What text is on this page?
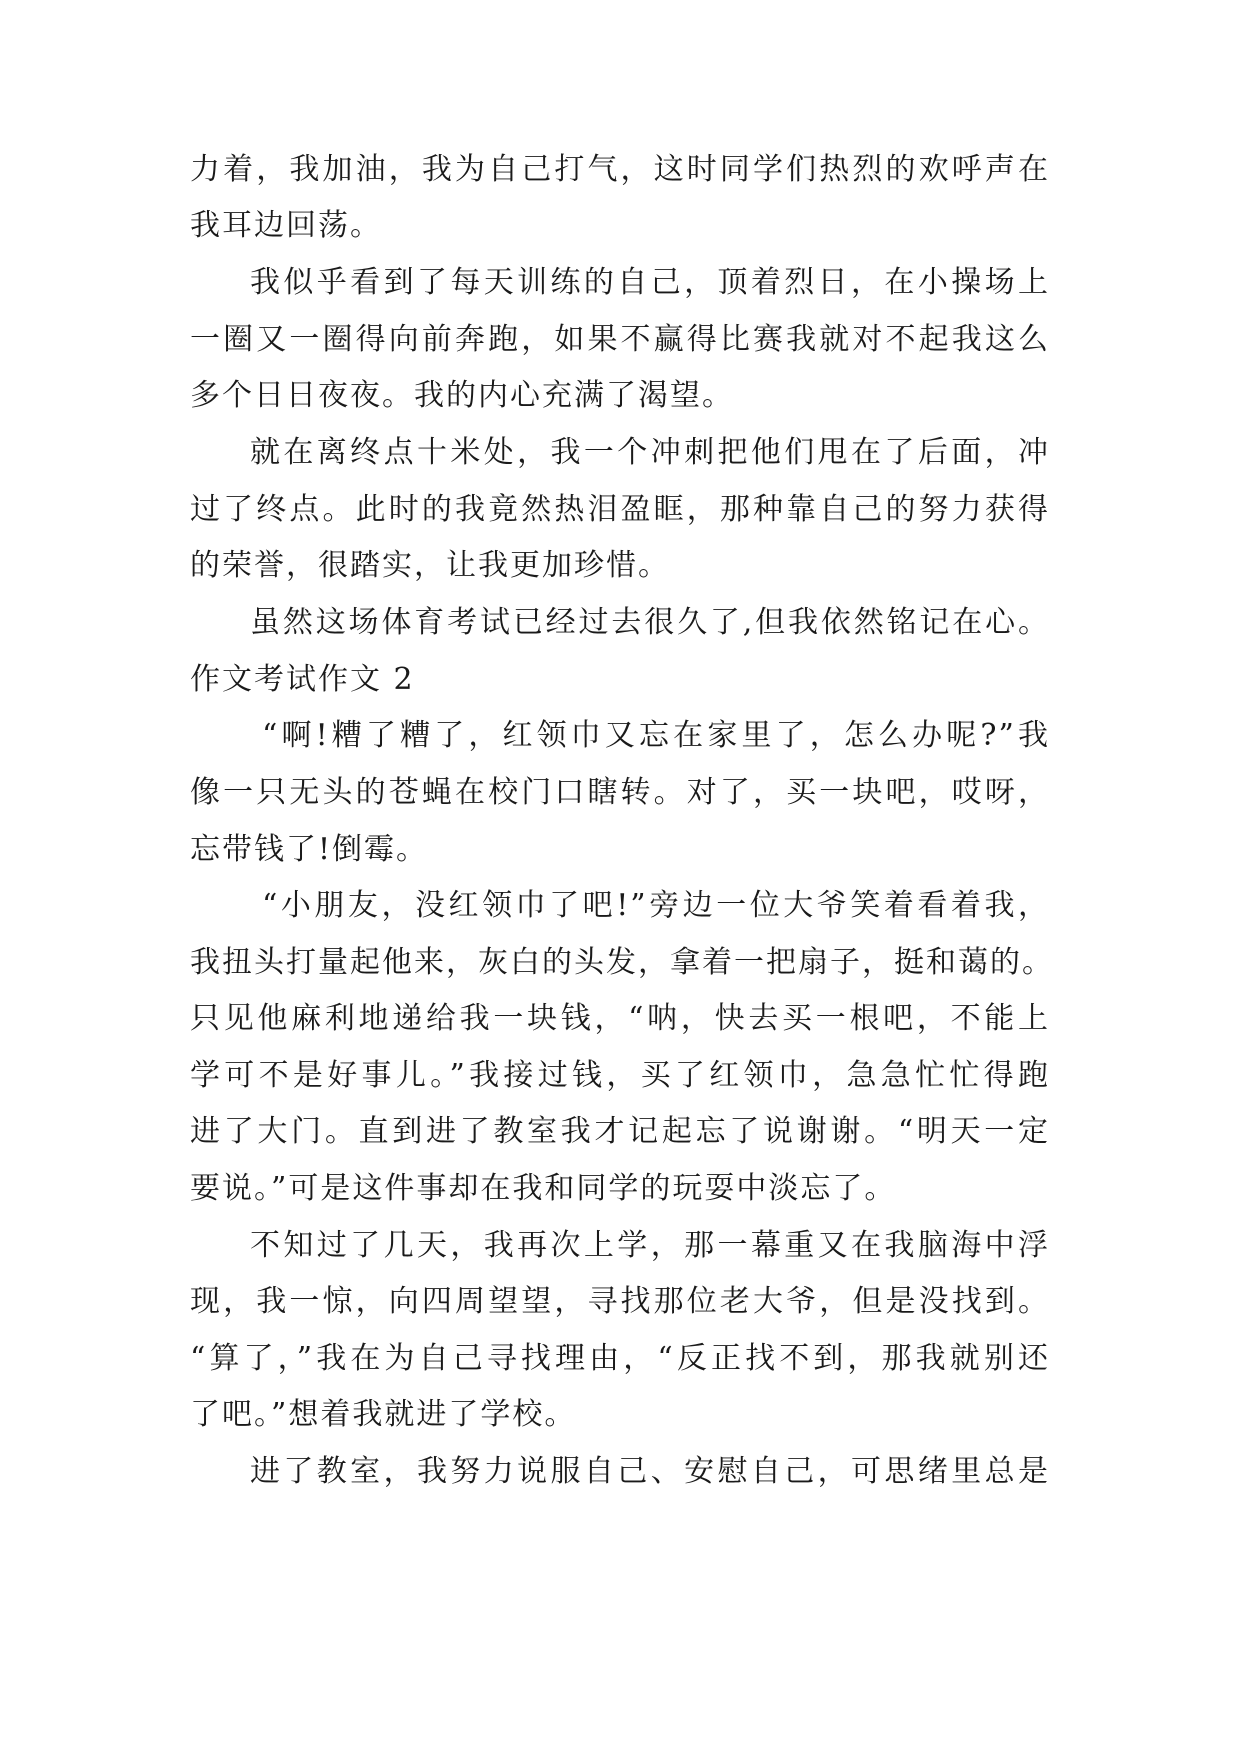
力着，我加油，我为自己打气，这时同学们热烈的欢呼声在
我耳边回荡。
我似乎看到了每天训练的自己，顶着烈日，在小操场上
一圈又一圈得向前奔跑，如果不赢得比赛我就对不起我这么
多个日日夜夜。我的内心充满了渴望。
就在离终点十米处，我一个冲刺把他们甩在了后面，冲
过了终点。此时的我竟然热泪盈眶，那种靠自己的努力获得
的荣誉，很踏实，让我更加珍惜。
虽然这场体育考试已经过去很久了,但我依然铭记在心。
作文考试作文 2
“啊!糟了糟了，红领巾又忘在家里了，怎么办呢?”我
像一只无头的苍蝇在校门口瞎转。对了，买一块吧，哎呀，
忘带钱了!倒霉。
“小朋友，没红领巾了吧!”旁边一位大爷笑着看着我，
我扭头打量起他来，灰白的头发，拿着一把扇子，挺和蔼的。
只见他麻利地递给我一块钱，“呐，快去买一根吧，不能上
学可不是好事儿。”我接过钱，买了红领巾，急急忙忙得跑
进了大门。直到进了教室我才记起忘了说谢谢。“明天一定
要说。”可是这件事却在我和同学的玩耍中淡忘了。
不知过了几天，我再次上学，那一幕重又在我脑海中浮
现，我一惊，向四周望望，寻找那位老大爷，但是没找到。
“算了，”我在为自己寻找理由，“反正找不到，那我就别还
了吧。”想着我就进了学校。
进了教室，我努力说服自己、安慰自己，可思绪里总是
